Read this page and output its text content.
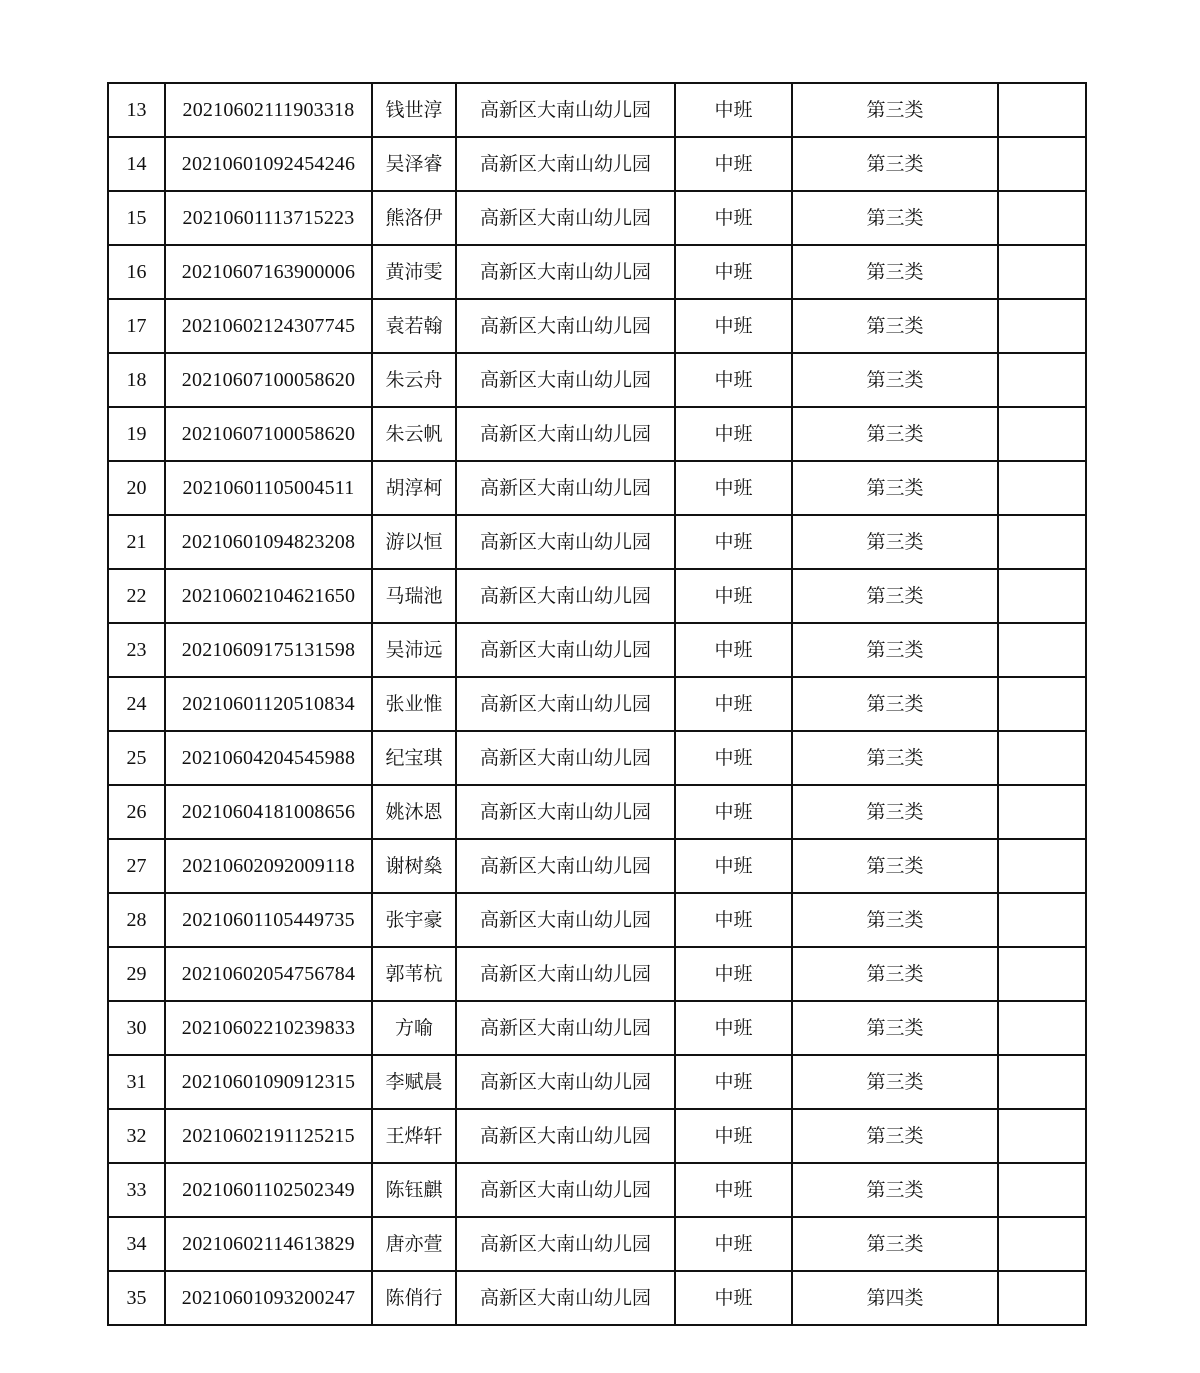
13	20210602111903318	钱世淳	高新区大南山幼儿园	中班	第三类	
14	20210601092454246	吴泽睿	高新区大南山幼儿园	中班	第三类	
15	20210601113715223	熊洛伊	高新区大南山幼儿园	中班	第三类	
16	20210607163900006	黄沛雯	高新区大南山幼儿园	中班	第三类	
17	20210602124307745	袁若翰	高新区大南山幼儿园	中班	第三类	
18	20210607100058620	朱云舟	高新区大南山幼儿园	中班	第三类	
19	20210607100058620	朱云帆	高新区大南山幼儿园	中班	第三类	
20	20210601105004511	胡淳柯	高新区大南山幼儿园	中班	第三类	
21	20210601094823208	游以恒	高新区大南山幼儿园	中班	第三类	
22	20210602104621650	马瑞池	高新区大南山幼儿园	中班	第三类	
23	20210609175131598	吴沛远	高新区大南山幼儿园	中班	第三类	
24	20210601120510834	张业惟	高新区大南山幼儿园	中班	第三类	
25	20210604204545988	纪宝琪	高新区大南山幼儿园	中班	第三类	
26	20210604181008656	姚沐恩	高新区大南山幼儿园	中班	第三类	
27	20210602092009118	谢树燊	高新区大南山幼儿园	中班	第三类	
28	20210601105449735	张宇豪	高新区大南山幼儿园	中班	第三类	
29	20210602054756784	郭苇杭	高新区大南山幼儿园	中班	第三类	
30	20210602210239833	方喻	高新区大南山幼儿园	中班	第三类	
31	20210601090912315	李赋晨	高新区大南山幼儿园	中班	第三类	
32	20210602191125215	王烨轩	高新区大南山幼儿园	中班	第三类	
33	20210601102502349	陈钰麒	高新区大南山幼儿园	中班	第三类	
34	20210602114613829	唐亦萱	高新区大南山幼儿园	中班	第三类	
35	20210601093200247	陈俏行	高新区大南山幼儿园	中班	第四类	
